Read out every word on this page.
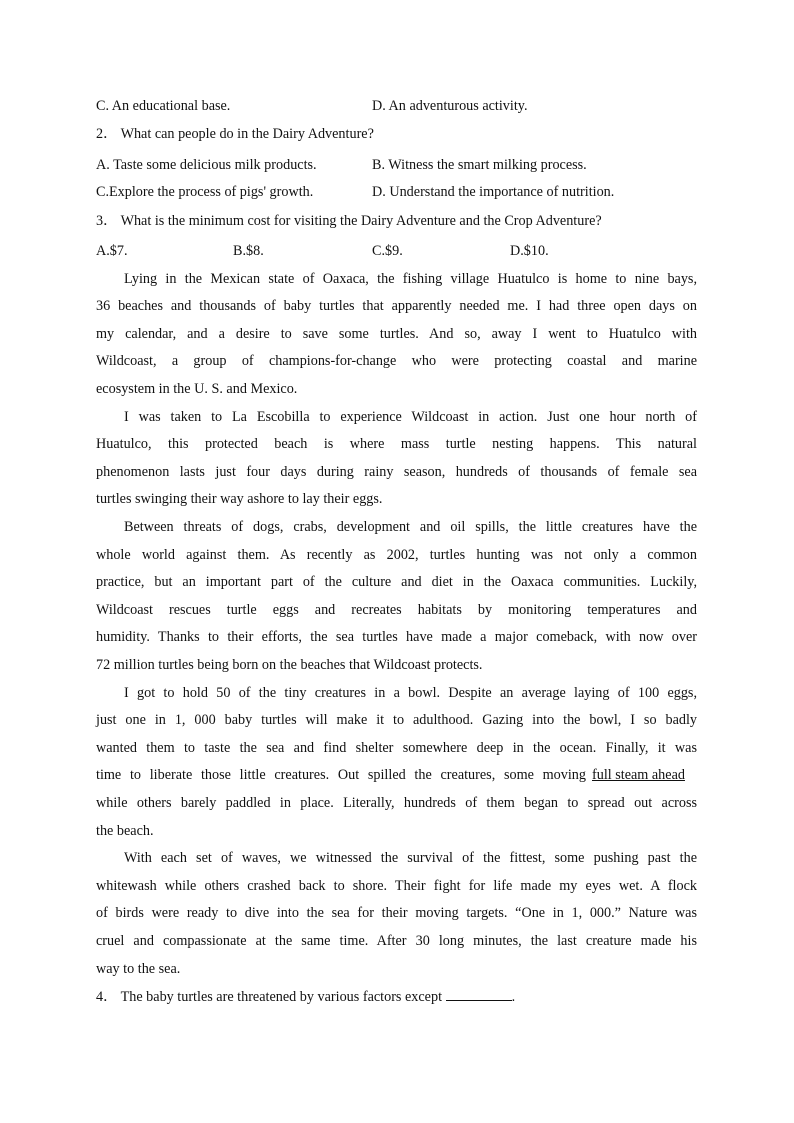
C. An educational base.	D. An adventurous activity.
2． What can people do in the Dairy Adventure?
A. Taste some delicious milk products.	B. Witness the smart milking process.
C.Explore the process of pigs' growth.	D. Understand the importance of nutrition.
3． What is the minimum cost for visiting the Dairy Adventure and the Crop Adventure?
A.$7.	B.$8.	C.$9.	D.$10.
Lying in the Mexican state of Oaxaca, the fishing village Huatulco is home to nine bays,
36 beaches and thousands of baby turtles that apparently needed me. I had three open days on
my calendar, and a desire to save some turtles. And so, away I went to Huatulco with
Wildcoast, a group of champions-for-change who were protecting coastal and marine
ecosystem in the U. S. and Mexico.
I was taken to La Escobilla to experience Wildcoast in action. Just one hour north of
Huatulco, this protected beach is where mass turtle nesting happens. This natural
phenomenon lasts just four days during rainy season, hundreds of thousands of female sea
turtles swinging their way ashore to lay their eggs.
Between threats of dogs, crabs, development and oil spills, the little creatures have the
whole world against them. As recently as 2002, turtles hunting was not only a common
practice, but an important part of the culture and diet in the Oaxaca communities. Luckily,
Wildcoast rescues turtle eggs and recreates habitats by monitoring temperatures and
humidity. Thanks to their efforts, the sea turtles have made a major comeback, with now over
72 million turtles being born on the beaches that Wildcoast protects.
I got to hold 50 of the tiny creatures in a bowl. Despite an average laying of 100 eggs,
just one in 1, 000 baby turtles will make it to adulthood. Gazing into the bowl, I so badly
wanted them to taste the sea and find shelter somewhere deep in the ocean. Finally, it was
time to liberate those little creatures. Out spilled the creatures, some moving full steam ahead
while others barely paddled in place. Literally, hundreds of them began to spread out across
the beach.
With each set of waves, we witnessed the survival of the fittest, some pushing past the
whitewash while others crashed back to shore. Their fight for life made my eyes wet. A flock
of birds were ready to dive into the sea for their moving targets. “One in 1, 000.” Nature was
cruel and compassionate at the same time. After 30 long minutes, the last creature made his
way to the sea.
4． The baby turtles are threatened by various factors except	.
